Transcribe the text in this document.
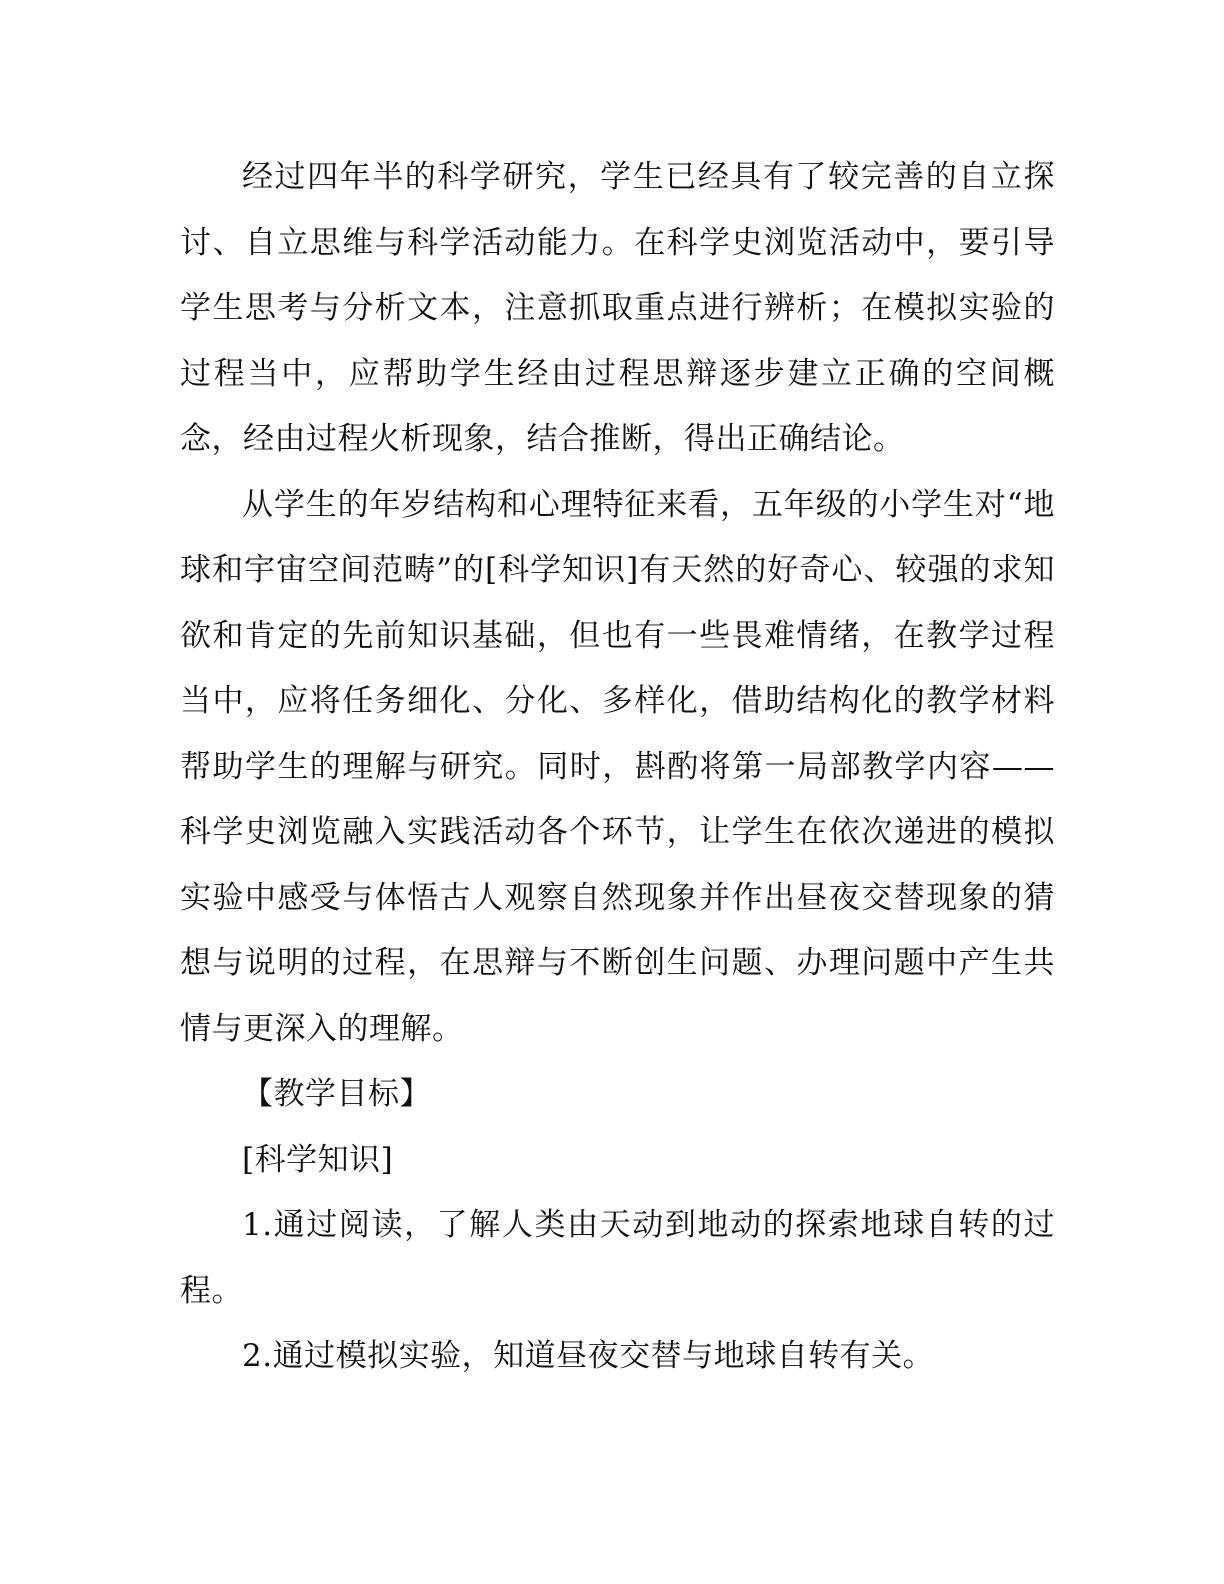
经过四年半的科学研究，学生已经具有了较完善的自立探讨、自立思维与科学活动能力。在科学史浏览活动中，要引导学生思考与分析文本，注意抓取重点进行辨析；在模拟实验的过程当中，应帮助学生经由过程思辩逐步建立正确的空间概念，经由过程火析现象，结合推断，得出正确结论。

从学生的年岁结构和心理特征来看，五年级的小学生对“地球和宇宙空间范畴”的[科学知识]有天然的好奇心、较强的求知欲和肯定的先前知识基础，但也有一些畏难情绪，在教学过程当中，应将任务细化、分化、多样化，借助结构化的教学材料帮助学生的理解与研究。同时，斟酌将第一局部教学内容——科学史浏览融入实践活动各个环节，让学生在依次递进的模拟实验中感受与体悟古人观察自然现象并作出昼夜交替现象的猜想与说明的过程，在思辩与不断创生问题、办理问题中产生共情与更深入的理解。

【教学目标】

[科学知识]

1.通过阅读，了解人类由天动到地动的探索地球自转的过程。

2.通过模拟实验，知道昼夜交替与地球自转有关。
